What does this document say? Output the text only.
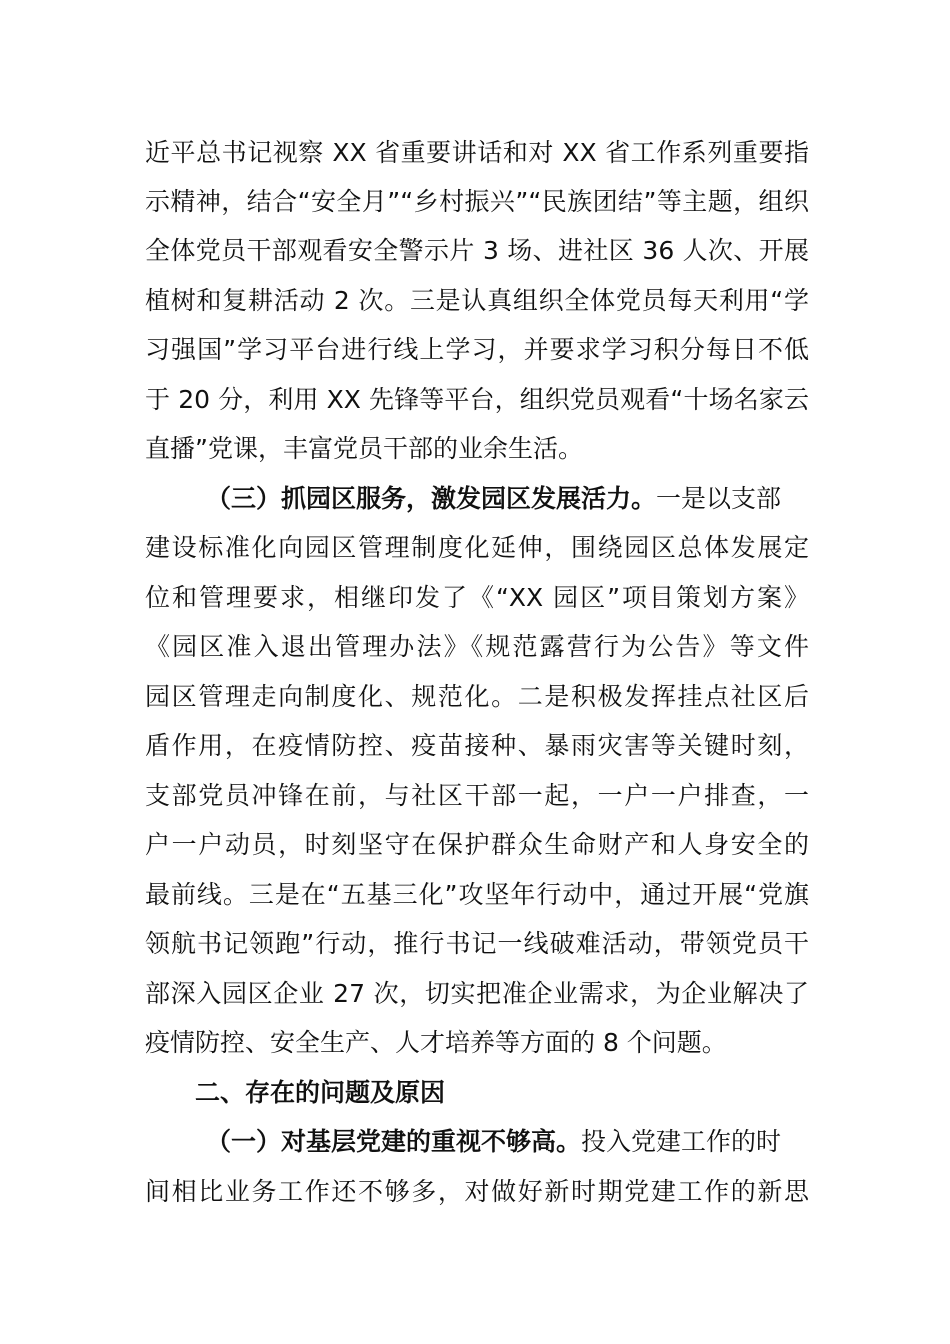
近平总书记视察 XX 省重要讲话和对 XX 省工作系列重要指
示精神，结合“安全月”“乡村振兴”“民族团结”等主题，组织
全体党员干部观看安全警示片 3 场、进社区 36 人次、开展
植树和复耕活动 2 次。三是认真组织全体党员每天利用“学
习强国”学习平台进行线上学习，并要求学习积分每日不低
于 20 分，利用 XX 先锋等平台，组织党员观看“十场名家云
直播”党课，丰富党员干部的业余生活。
（三）抓园区服务，激发园区发展活力。一是以支部
建设标准化向园区管理制度化延伸，围绕园区总体发展定
位和管理要求，相继印发了《“XX 园区”项目策划方案》
《园区准入退出管理办法》《规范露营行为公告》等文件
园区管理走向制度化、规范化。二是积极发挥挂点社区后
盾作用，在疫情防控、疫苗接种、暴雨灾害等关键时刻，
支部党员冲锋在前，与社区干部一起，一户一户排查，一
户一户动员，时刻坚守在保护群众生命财产和人身安全的
最前线。三是在“五基三化”攻坚年行动中，通过开展“党旗
领航书记领跑”行动，推行书记一线破难活动，带领党员干
部深入园区企业 27 次，切实把准企业需求，为企业解决了
疫情防控、安全生产、人才培养等方面的 8 个问题。
二、存在的问题及原因
（一）对基层党建的重视不够高。投入党建工作的时
间相比业务工作还不够多，对做好新时期党建工作的新思
